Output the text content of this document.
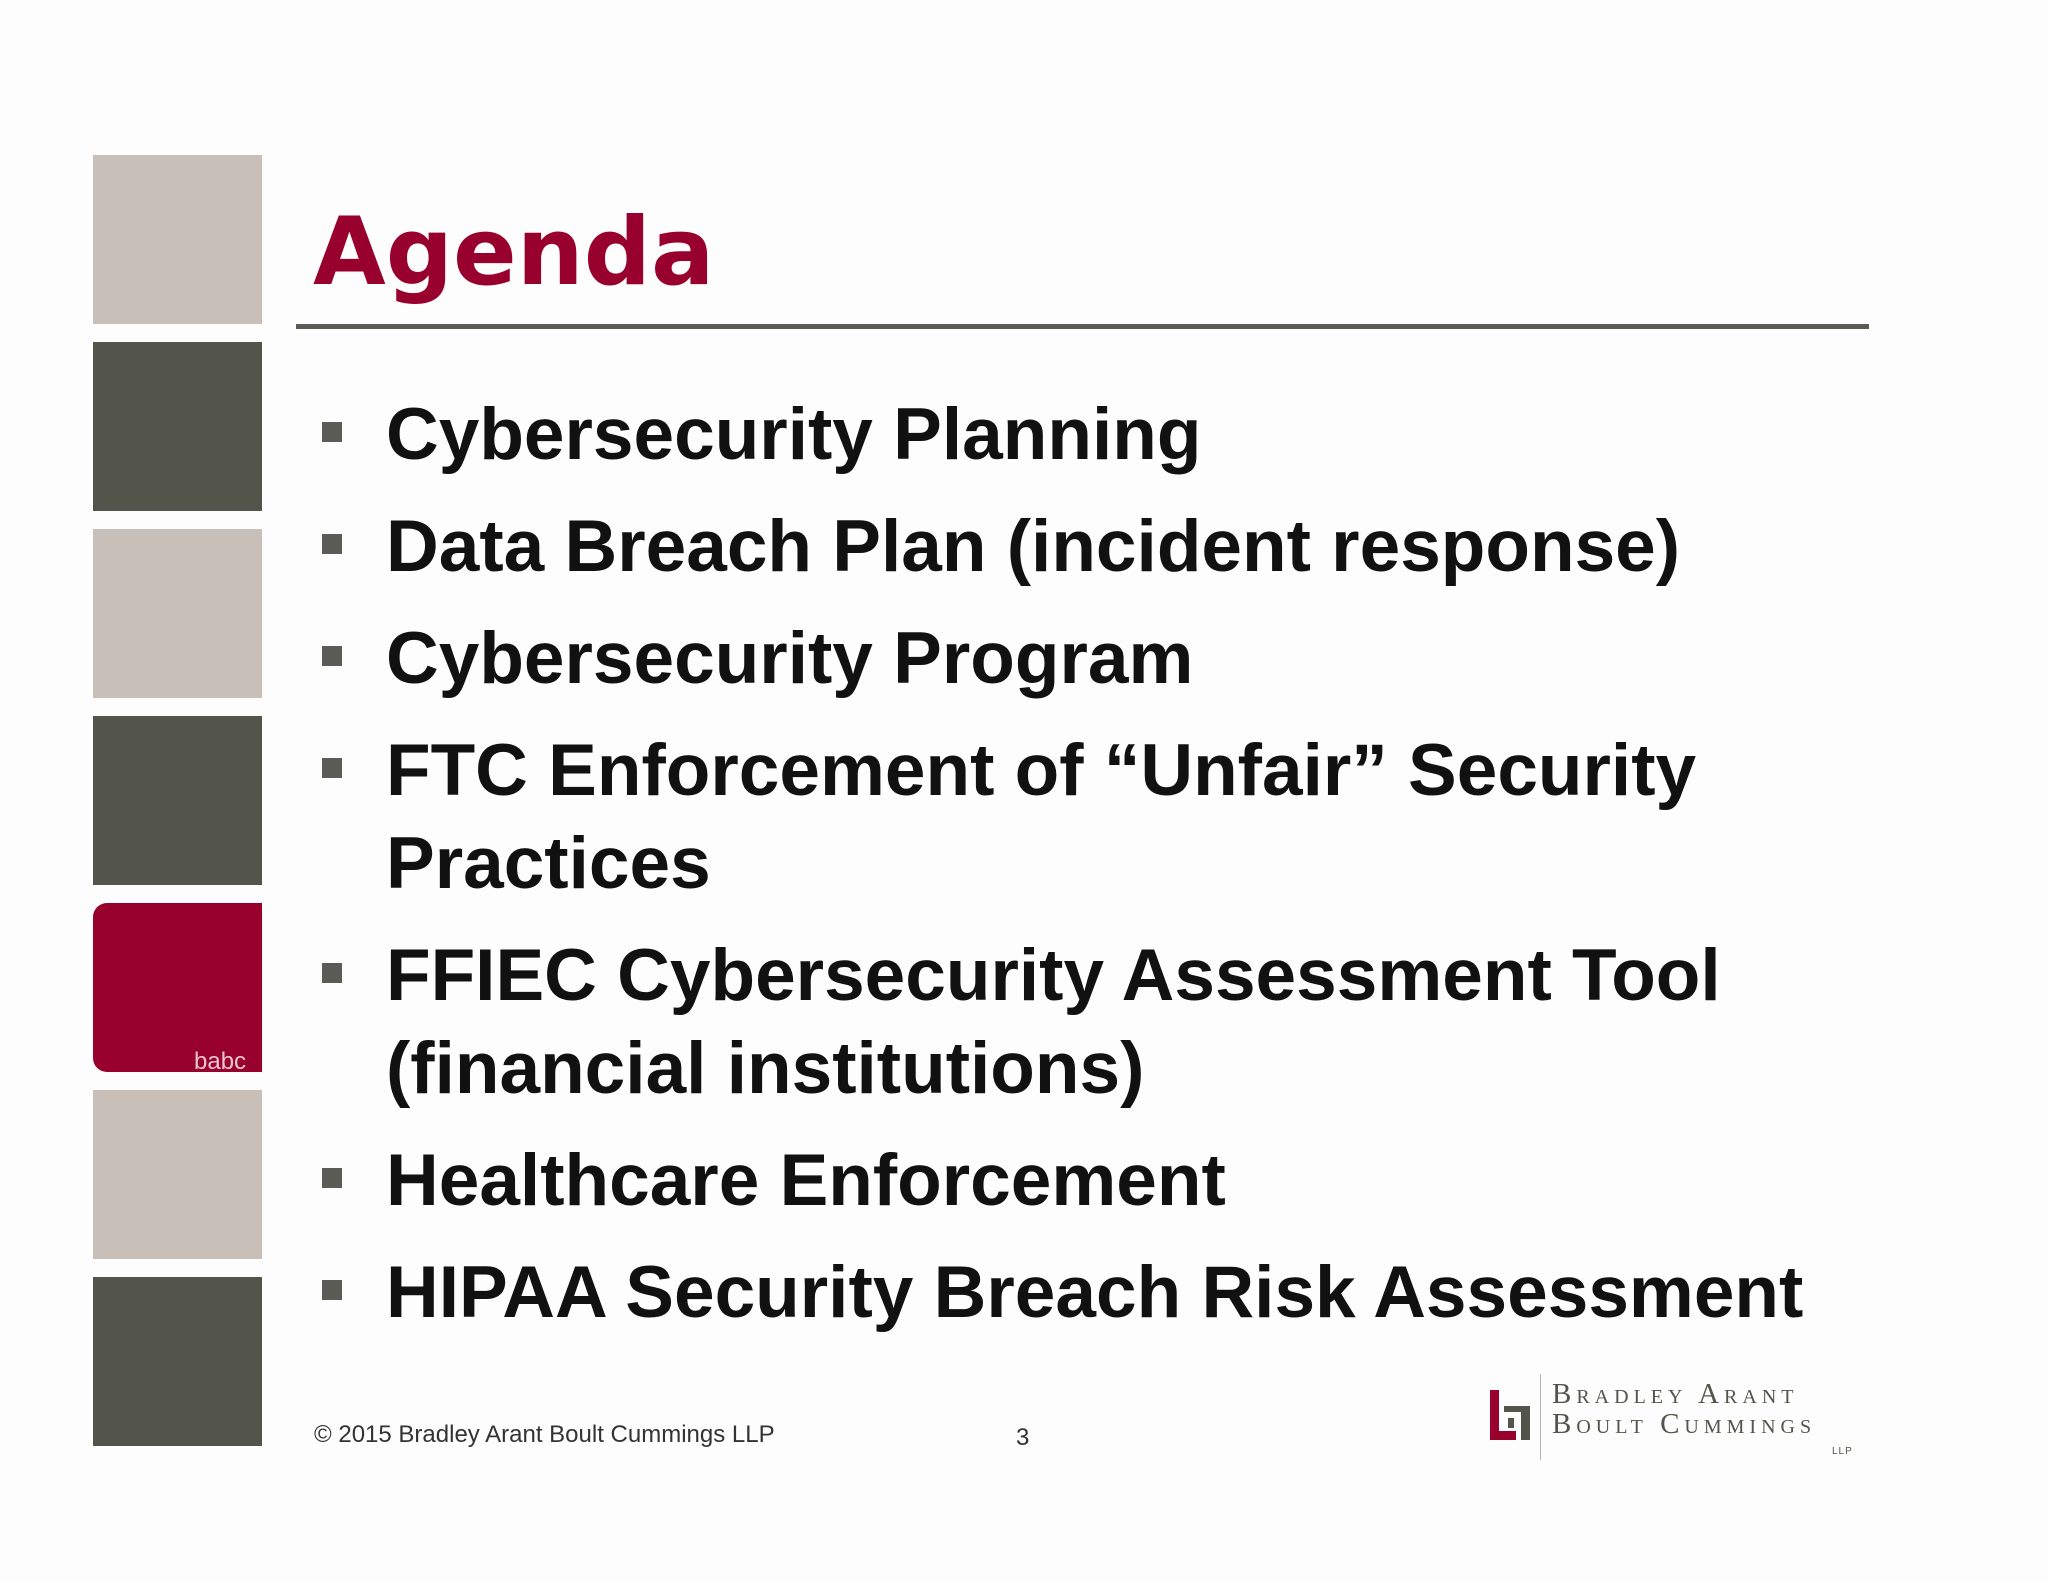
babc
Agenda
Cybersecurity Planning
Data Breach Plan (incident response)
Cybersecurity Program
FTC Enforcement of “Unfair” Security Practices
FFIEC Cybersecurity Assessment Tool (financial institutions)
Healthcare Enforcement
HIPAA Security Breach Risk Assessment
© 2015 Bradley Arant Boult Cummings LLP	3
Bradley Arant
Boult Cummings
LLP
